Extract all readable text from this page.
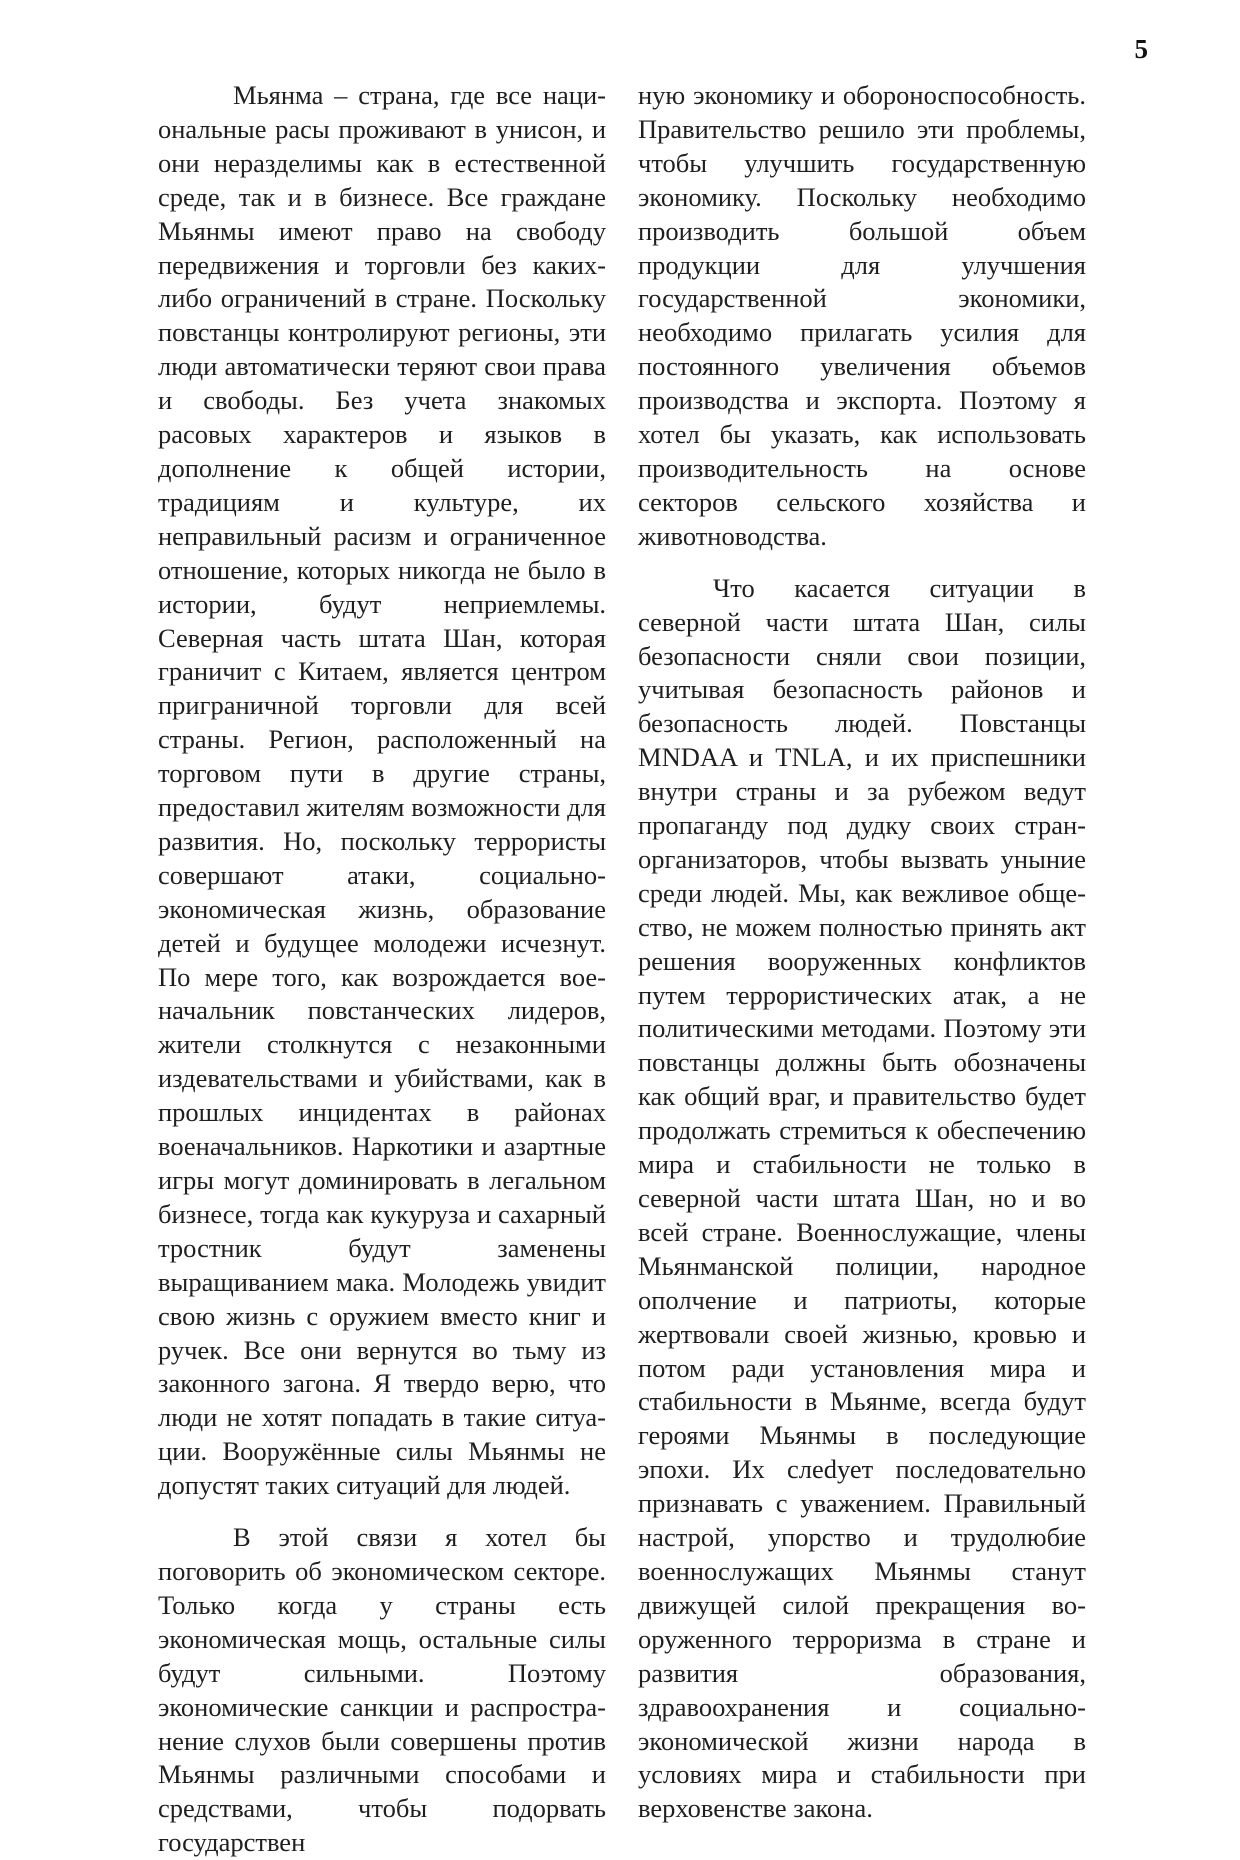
5

Мьянма – страна, где все национальные расы проживают в унисон, и они неразделимы как в естественной среде, так и в бизнесе. Все граждане Мьянмы имеют право на свободу передвижения и торговли без каких-либо ограничений в стране. Поскольку повстанцы контролируют регионы, эти люди автоматически теряют свои права и свободы. Без учета знакомых расовых характеров и языков в дополнение к общей истории, традициям и культуре, их неправильный расизм и ограниченное отношение, которых никогда не было в истории, будут неприемлемы. Северная часть штата Шан, которая граничит с Китаем, является центром приграничной торговли для всей страны. Регион, расположенный на торговом пути в другие страны, предоставил жителям возможности для развития. Но, поскольку террористы совершают атаки, социально-экономическая жизнь, образование детей и будущее молодежи исчезнут. По мере того, как возрождается военачальник повстанческих лидеров, жители столкнутся с незаконными издевательствами и убийствами, как в прошлых инцидентах в районах военачальников. Наркотики и азартные игры могут доминировать в легальном бизнесе, тогда как кукуруза и сахарный тростник будут заменены выращиванием мака. Молодежь увидит свою жизнь с оружием вместо книг и ручек. Все они вернутся во тьму из законного загона. Я твердо верю, что люди не хотят попадать в такие ситуации. Вооружённые силы Мьянмы не допустят таких ситуаций для людей.

В этой связи я хотел бы поговорить об экономическом секторе. Только когда у страны есть экономическая мощь, остальные силы будут сильными. Поэтому экономические санкции и распространение слухов были совершены против Мьянмы различными способами и средствами, чтобы подорвать государствен

ную экономику и обороноспособность. Правительство решило эти проблемы, чтобы улучшить государственную экономику. Поскольку необходимо производить большой объем продукции для улучшения государственной экономики, необходимо прилагать усилия для постоянного увеличения объемов производства и экспорта. Поэтому я хотел бы указать, как использовать производительность на основе секторов сельского хозяйства и животноводства.

Что касается ситуации в северной части штата Шан, силы безопасности сняли свои позиции, учитывая безопасность районов и безопасность людей. Повстанцы MNDAA и TNLA, и их приспешники внутри страны и за рубежом ведут пропаганду под дудку своих стран-организаторов, чтобы вызвать уныние среди людей. Мы, как вежливое общество, не можем полностью принять акт решения вооруженных конфликтов путем террористических атак, а не политическими методами. Поэтому эти повстанцы должны быть обозначены как общий враг, и правительство будет продолжать стремиться к обеспечению мира и стабильности не только в северной части штата Шан, но и во всей стране. Военнослужащие, члены Мьянманской полиции, народное ополчение и патриоты, которые жертвовали своей жизнью, кровью и потом ради установления мира и стабильности в Мьянме, всегда будут героями Мьянмы в последующие эпохи. Их слеdует последовательно признавать с уважением. Правильный настрой, упорство и трудолюбие военнослужащих Мьянмы станут движущей силой прекращения вооруженного терроризма в стране и развития образования, здравоохранения и социально-экономической жизни народа в условиях мира и стабильности при верховенстве закона.
